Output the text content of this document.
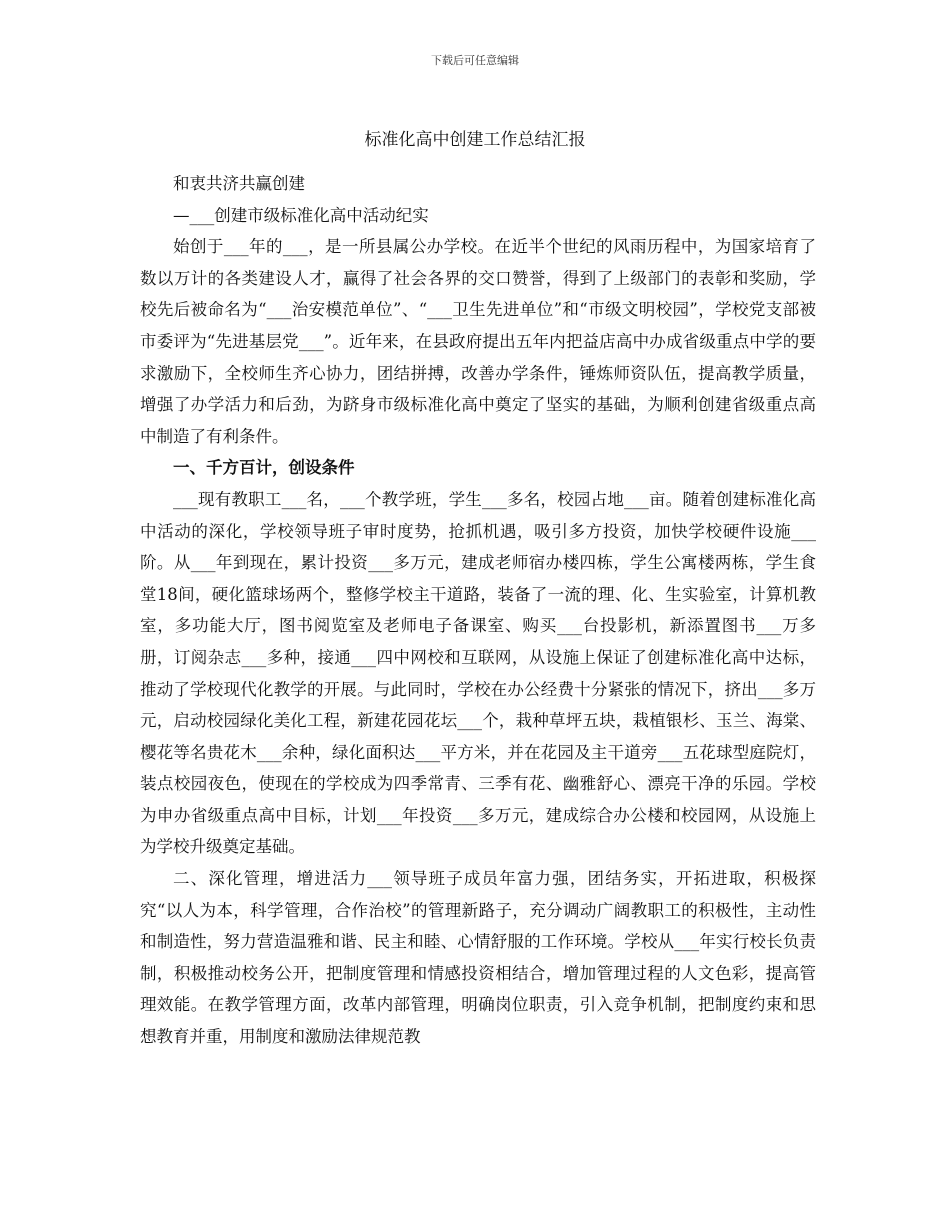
下载后可任意编辑
标准化高中创建工作总结汇报

和衷共济共赢创建

—___创建市级标准化高中活动纪实

始创于___年的___，是一所县属公办学校。在近半个世纪的风雨历程中，为国家培育了数以万计的各类建设人才，赢得了社会各界的交口赞誉，得到了上级部门的表彰和奖励，学校先后被命名为“___治安模范单位”、“___卫生先进单位”和“市级文明校园”，学校党支部被市委评为“先进基层党___”。近年来，在县政府提出五年内把益店高中办成省级重点中学的要求激励下，全校师生齐心协力，团结拼搏，改善办学条件，锤炼师资队伍，提高教学质量，增强了办学活力和后劲，为跻身市级标准化高中奠定了坚实的基础，为顺利创建省级重点高中制造了有利条件。

一、千方百计，创设条件

___现有教职工___名，___个教学班，学生___多名，校园占地___亩。随着创建标准化高中活动的深化，学校领导班子审时度势，抢抓机遇，吸引多方投资，加快学校硬件设施___阶。从___年到现在，累计投资___多万元，建成老师宿办楼四栋，学生公寓楼两栋，学生食堂18间，硬化篮球场两个，整修学校主干道路，装备了一流的理、化、生实验室，计算机教室，多功能大厅，图书阅览室及老师电子备课室、购买___台投影机，新添置图书___万多册，订阅杂志___多种，接通___四中网校和互联网，从设施上保证了创建标准化高中达标，推动了学校现代化教学的开展。与此同时，学校在办公经费十分紧张的情况下，挤出___多万元，启动校园绿化美化工程，新建花园花坛___个，栽种草坪五块，栽植银杉、玉兰、海棠、樱花等名贵花木___余种，绿化面积达___平方米，并在花园及主干道旁___五花球型庭院灯，装点校园夜色，使现在的学校成为四季常青、三季有花、幽雅舒心、漂亮干净的乐园。学校为申办省级重点高中目标，计划___年投资___多万元，建成综合办公楼和校园网，从设施上为学校升级奠定基础。

二、深化管理，增进活力___领导班子成员年富力强，团结务实，开拓进取，积极探究“以人为本，科学管理，合作治校”的管理新路子，充分调动广阔教职工的积极性，主动性和制造性，努力营造温雅和谐、民主和睦、心情舒服的工作环境。学校从___年实行校长负责制，积极推动校务公开，把制度管理和情感投资相结合，增加管理过程的人文色彩，提高管理效能。在教学管理方面，改革内部管理，明确岗位职责，引入竞争机制，把制度约束和思想教育并重，用制度和激励法律规范教
